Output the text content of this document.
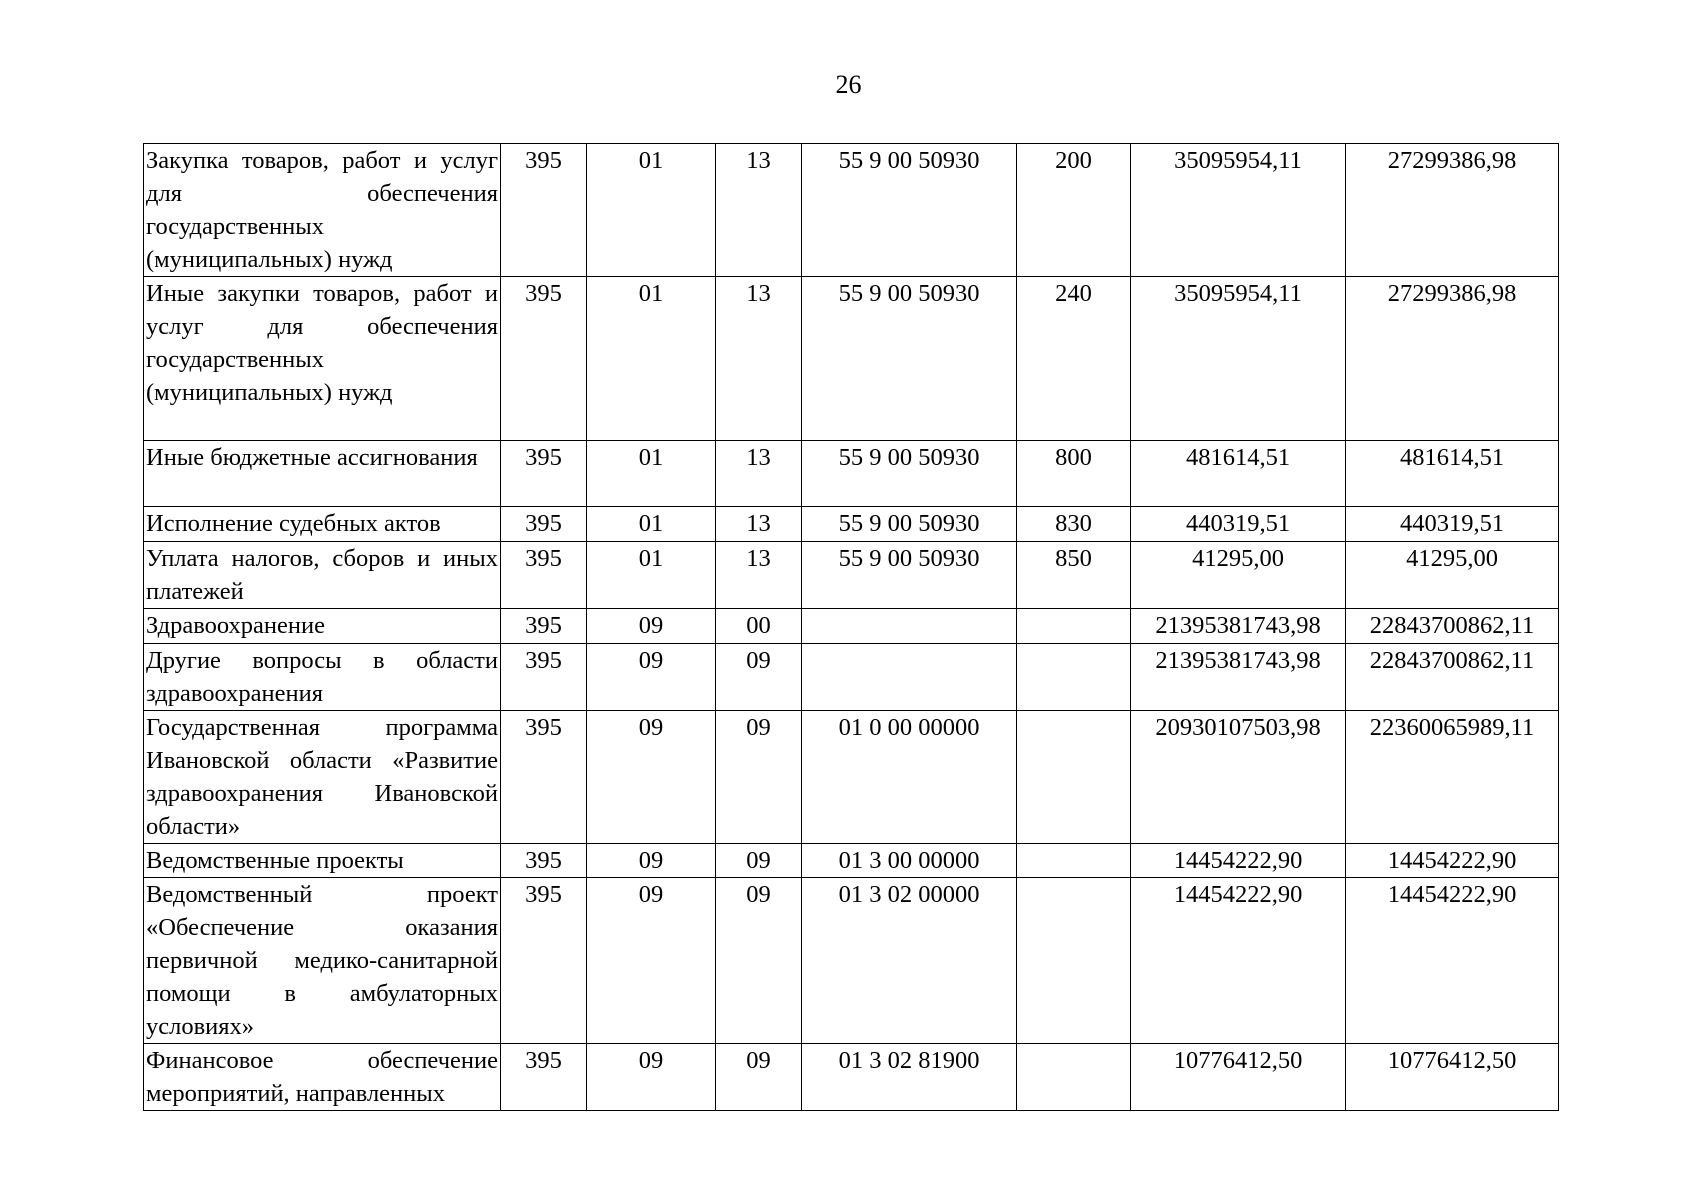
26
Закупка товаров, работ и услуг для обеспечения государственных (муниципальных) нужд	395	01	13	55 9 00 50930	200	35095954,11	27299386,98
Иные закупки товаров, работ и услуг для обеспечения государственных (муниципальных) нужд	395	01	13	55 9 00 50930	240	35095954,11	27299386,98
Иные бюджетные ассигнования	395	01	13	55 9 00 50930	800	481614,51	481614,51
Исполнение судебных актов	395	01	13	55 9 00 50930	830	440319,51	440319,51
Уплата налогов, сборов и иных платежей	395	01	13	55 9 00 50930	850	41295,00	41295,00
Здравоохранение	395	09	00			21395381743,98	22843700862,11
Другие вопросы в области здравоохранения	395	09	09			21395381743,98	22843700862,11
Государственная программа Ивановской области «Развитие здравоохранения Ивановской области»	395	09	09	01 0 00 00000		20930107503,98	22360065989,11
Ведомственные проекты	395	09	09	01 3 00 00000		14454222,90	14454222,90
Ведомственный проект «Обеспечение оказания первичной медико-санитарной помощи в амбулаторных условиях»	395	09	09	01 3 02 00000		14454222,90	14454222,90
Финансовое обеспечение мероприятий, направленных	395	09	09	01 3 02 81900		10776412,50	10776412,50
